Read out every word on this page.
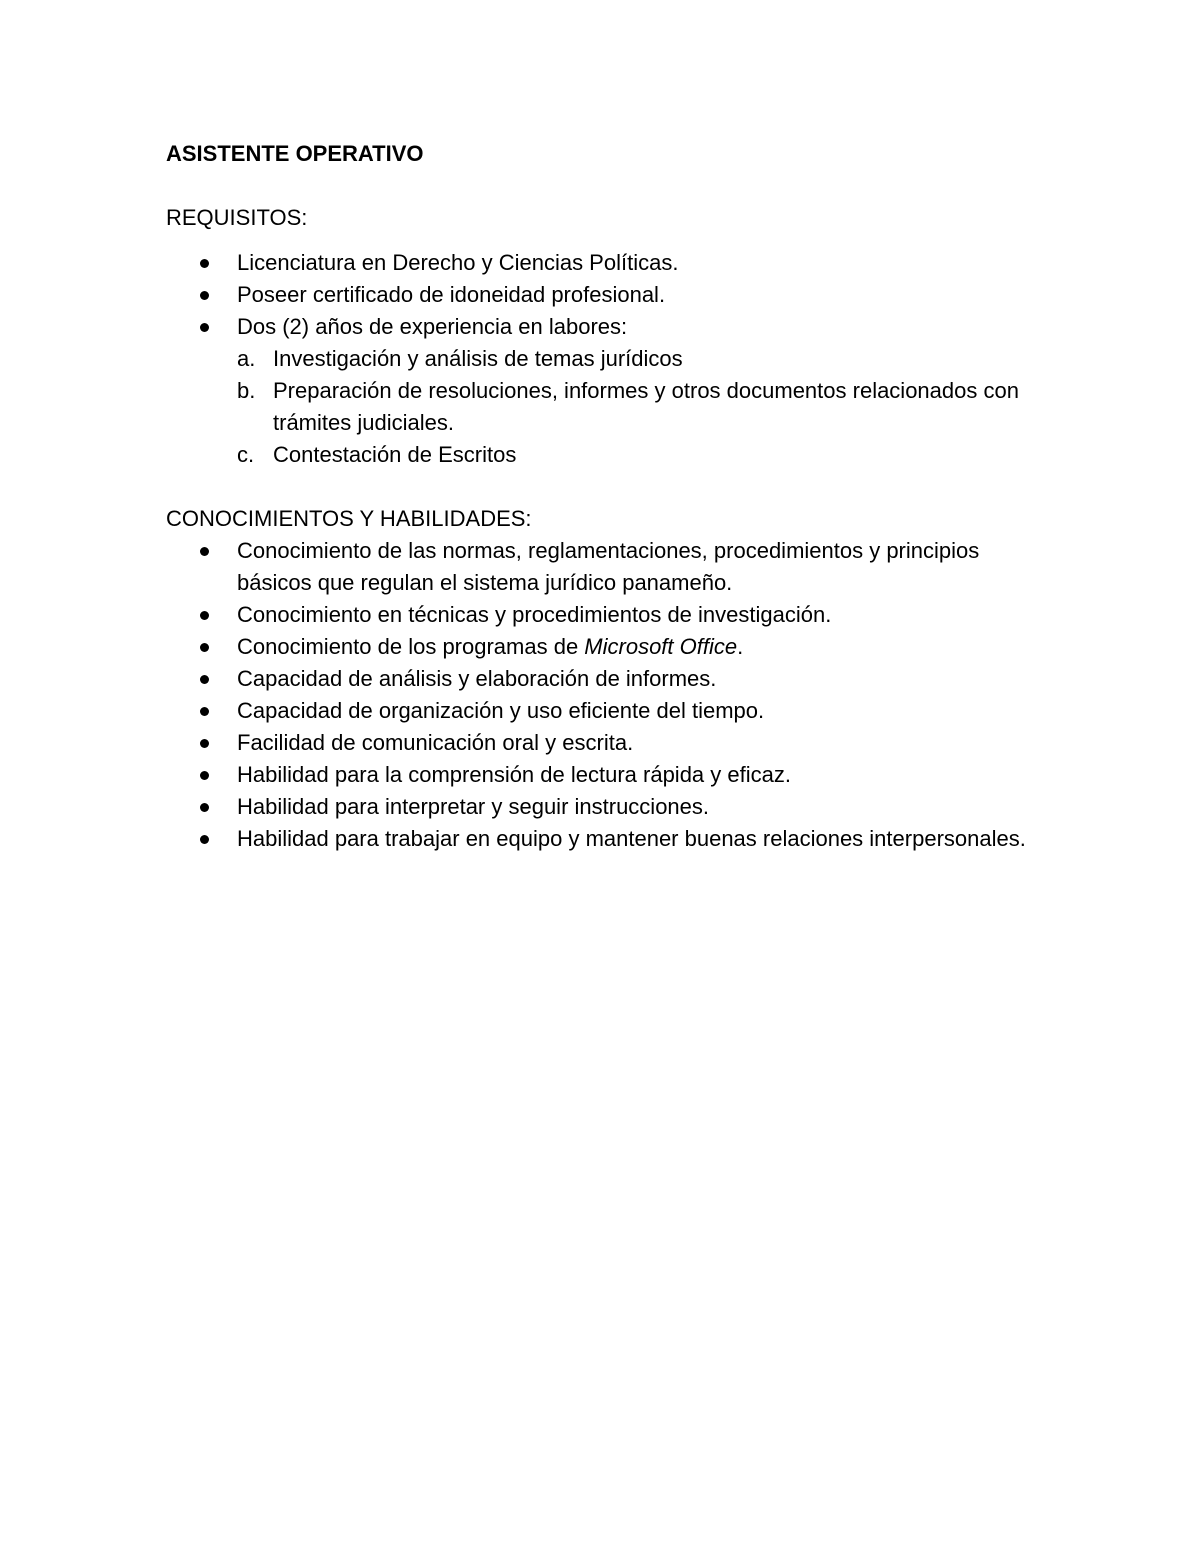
ASISTENTE OPERATIVO

REQUISITOS:

Licenciatura en Derecho y Ciencias Políticas.
Poseer certificado de idoneidad profesional.
Dos (2) años de experiencia en labores:
a. Investigación y análisis de temas jurídicos
b. Preparación de resoluciones, informes y otros documentos relacionados con trámites judiciales.
c. Contestación de Escritos

CONOCIMIENTOS Y HABILIDADES:

Conocimiento de las normas, reglamentaciones, procedimientos y principios básicos que regulan el sistema jurídico panameño.
Conocimiento en técnicas y procedimientos de investigación.
Conocimiento de los programas de Microsoft Office.
Capacidad de análisis y elaboración de informes.
Capacidad de organización y uso eficiente del tiempo.
Facilidad de comunicación oral y escrita.
Habilidad para la comprensión de lectura rápida y eficaz.
Habilidad para interpretar y seguir instrucciones.
Habilidad para trabajar en equipo y mantener buenas relaciones interpersonales.
